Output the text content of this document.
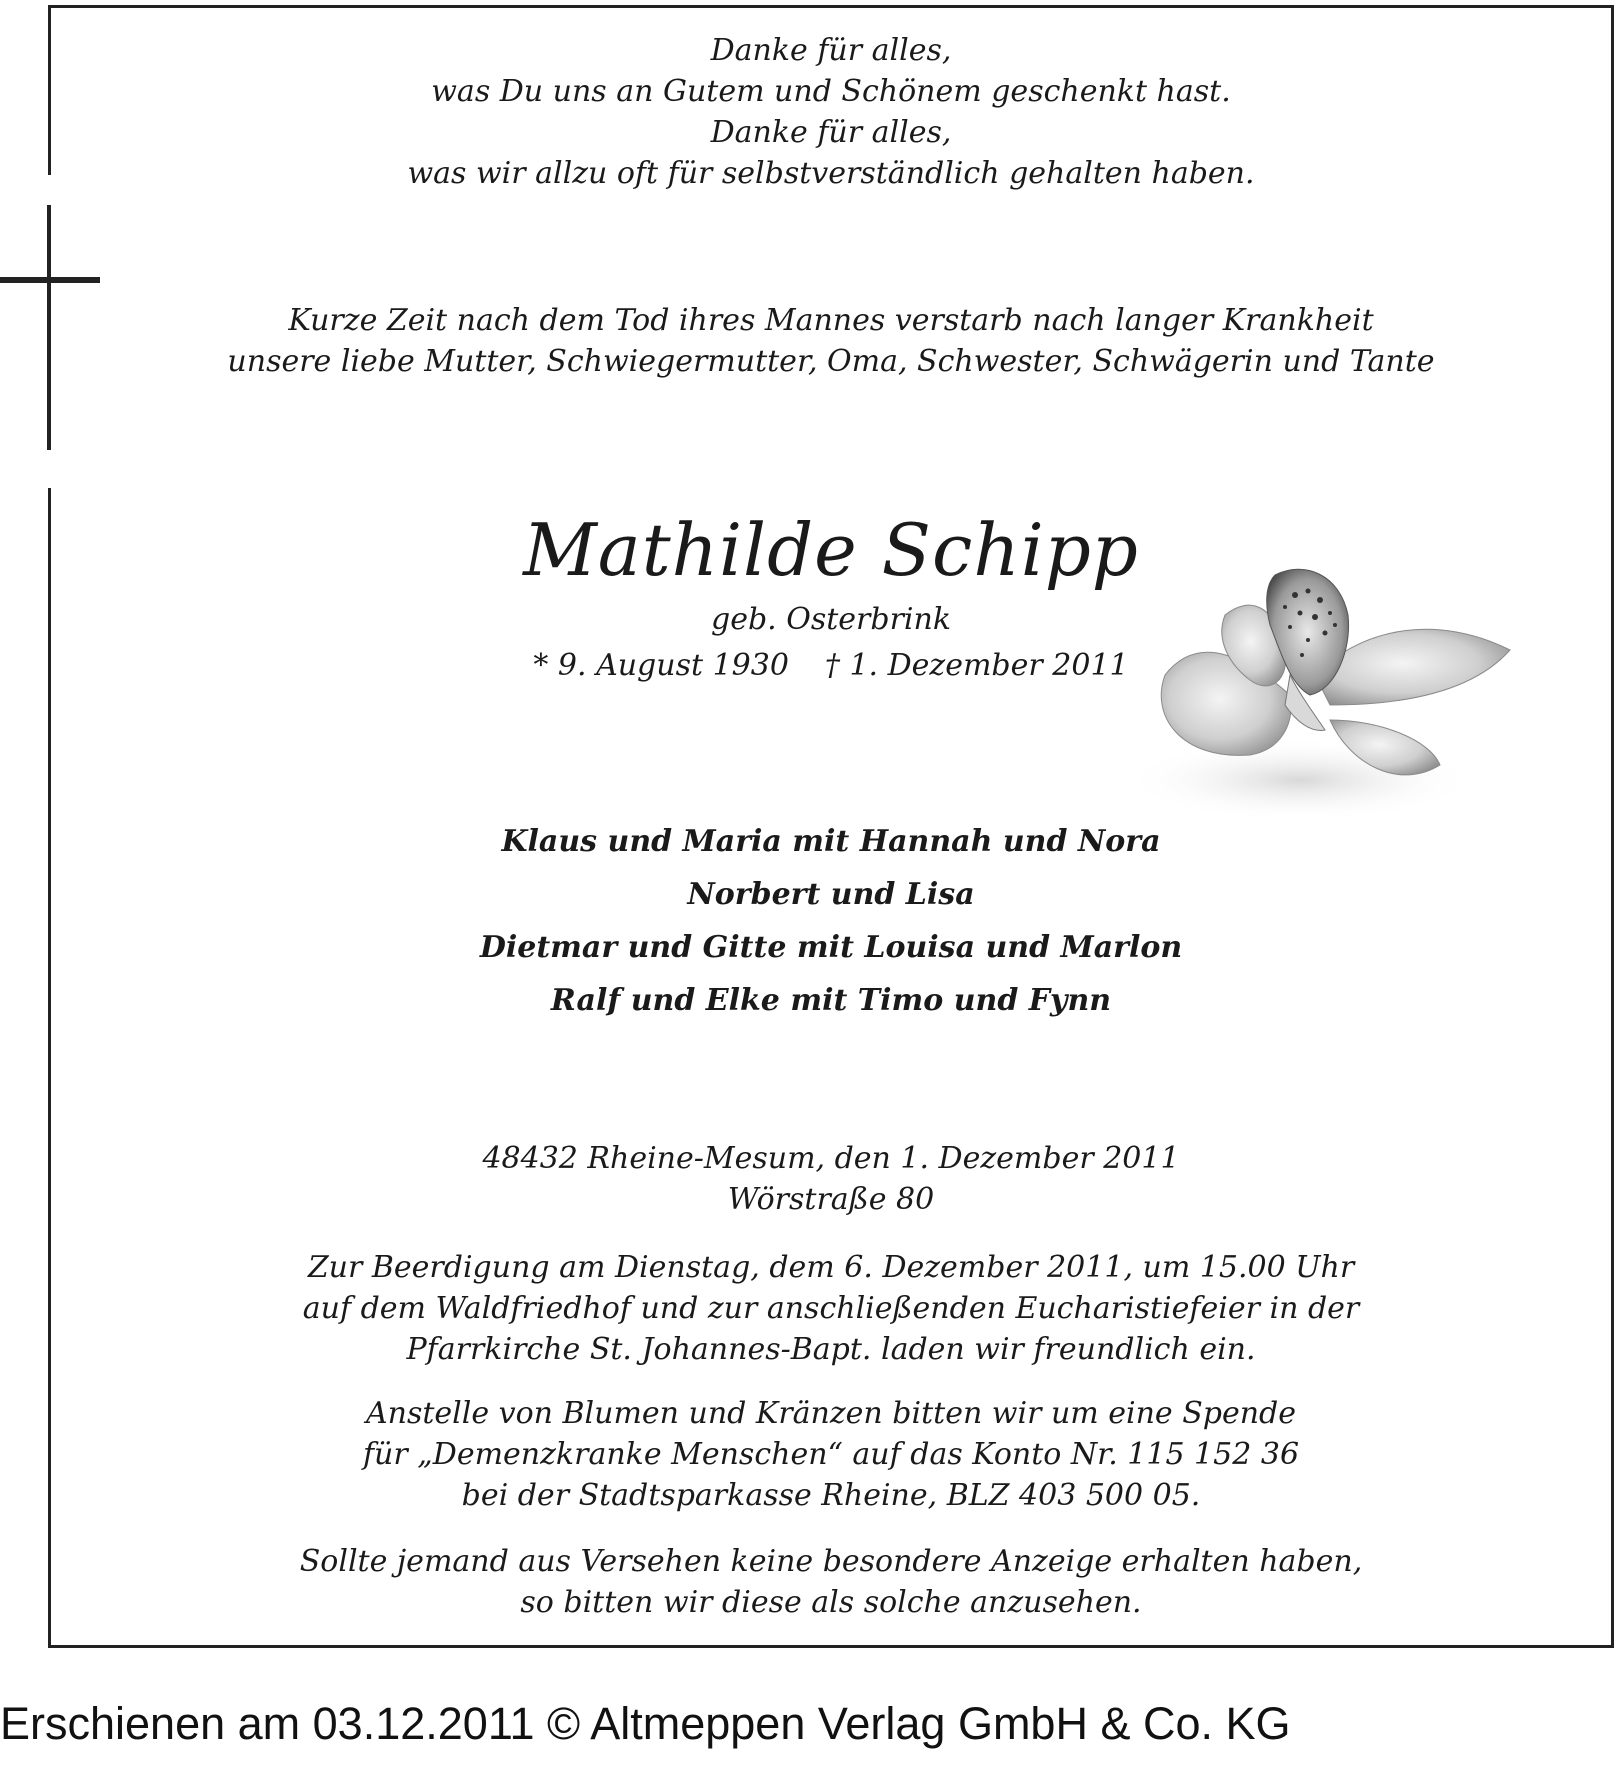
Danke für alles,
was Du uns an Gutem und Schönem geschenkt hast.
Danke für alles,
was wir allzu oft für selbstverständlich gehalten haben.
Kurze Zeit nach dem Tod ihres Mannes verstarb nach langer Krankheit
unsere liebe Mutter, Schwiegermutter, Oma, Schwester, Schwägerin und Tante
Mathilde Schipp
geb. Osterbrink
* 9. August 1930 † 1. Dezember 2011
Klaus und Maria mit Hannah und Nora
Norbert und Lisa
Dietmar und Gitte mit Louisa und Marlon
Ralf und Elke mit Timo und Fynn
48432 Rheine-Mesum, den 1. Dezember 2011
Wörstraße 80
Zur Beerdigung am Dienstag, dem 6. Dezember 2011, um 15.00 Uhr
auf dem Waldfriedhof und zur anschließenden Eucharistiefeier in der
Pfarrkirche St. Johannes-Bapt. laden wir freundlich ein.
Anstelle von Blumen und Kränzen bitten wir um eine Spende
für „Demenzkranke Menschen“ auf das Konto Nr. 115 152 36
bei der Stadtsparkasse Rheine, BLZ 403 500 05.
Sollte jemand aus Versehen keine besondere Anzeige erhalten haben,
so bitten wir diese als solche anzusehen.
Erschienen am 03.12.2011 © Altmeppen Verlag GmbH & Co. KG
